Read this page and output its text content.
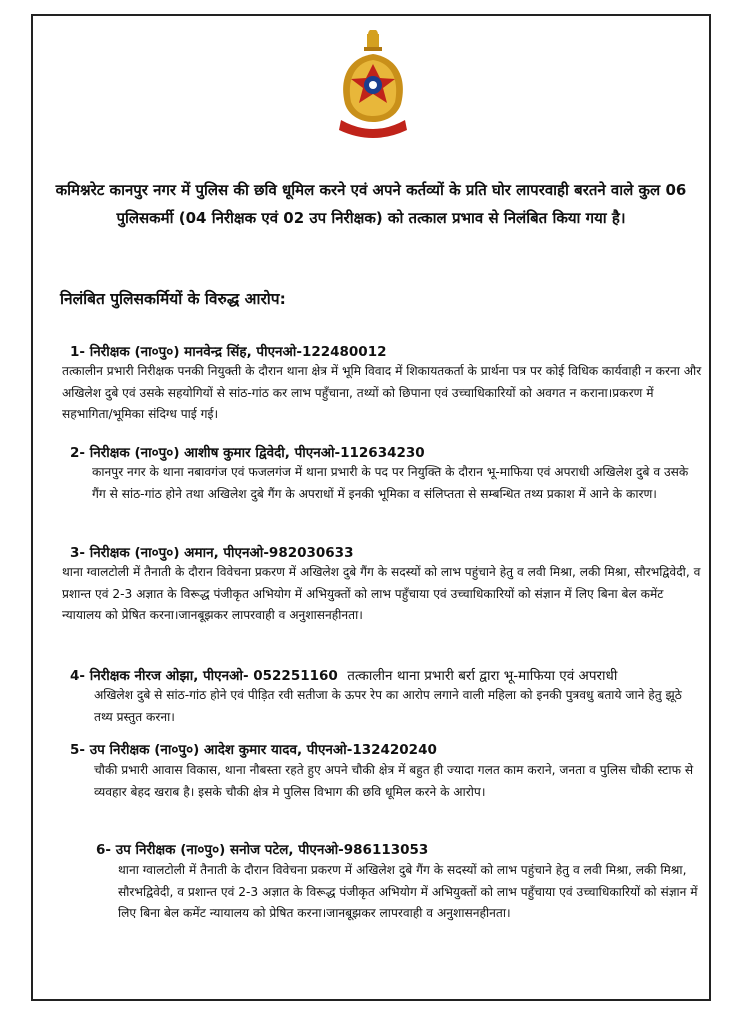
कमिश्नरेट कानपुर नगर में पुलिस की छवि धूमिल करने एवं अपने कर्तव्यों के प्रति घोर लापरवाही बरतने वाले कुल 06 पुलिसकर्मी (04 निरीक्षक एवं 02 उप निरीक्षक) को तत्काल प्रभाव से निलंबित किया गया है।
निलंबित पुलिसकर्मियों के विरुद्ध आरोप:
1- निरीक्षक (ना०पु०) मानवेन्द्र सिंह, पीएनओ-122480012
तत्कालीन प्रभारी निरीक्षक पनकी नियुक्ती के दौरान थाना क्षेत्र में भूमि विवाद में शिकायतकर्ता के प्रार्थना पत्र पर कोई विधिक कार्यवाही न करना और अखिलेश दुबे एवं उसके सहयोगियों से सांठ-गांठ कर लाभ पहुँचाना, तथ्यों को छिपाना एवं उच्चाधिकारियों को अवगत न कराना।प्रकरण में सहभागिता/भूमिका संदिग्ध पाई गई।
2- निरीक्षक (ना०पु०) आशीष कुमार द्विवेदी, पीएनओ-112634230
कानपुर नगर के थाना नबावगंज एवं फजलगंज में थाना प्रभारी के पद पर नियुक्ति के दौरान भू-माफिया एवं अपराधी अखिलेश दुबे व उसके गैंग से सांठ-गांठ होने तथा अखिलेश दुबे गैंग के अपराधों में इनकी भूमिका व संलिप्तता से सम्बन्धित तथ्य प्रकाश में आने के कारण।
3- निरीक्षक (ना०पु०) अमान, पीएनओ-982030633
थाना ग्वालटोली में तैनाती के दौरान विवेचना प्रकरण में अखिलेश दुबे गैंग के सदस्यों को लाभ पहुंचाने हेतु व लवी मिश्रा, लकी मिश्रा, सौरभद्विवेदी, व प्रशान्त एवं 2-3 अज्ञात के विरूद्ध पंजीकृत अभियोग में अभियुक्तों को लाभ पहुँचाया एवं उच्चाधिकारियों को संज्ञान में लिए बिना बेल कमेंट न्यायालय को प्रेषित करना।जानबूझकर लापरवाही व अनुशासनहीनता।
4- निरीक्षक नीरज ओझा, पीएनओ- 052251160 तत्कालीन थाना प्रभारी बर्रा द्वारा भू-माफिया एवं अपराधी
अखिलेश दुबे से सांठ-गांठ होने एवं पीड़ित रवी सतीजा के ऊपर रेप का आरोप लगाने वाली महिला को इनकी पुत्रवधु बताये जाने हेतु झूठे तथ्य प्रस्तुत करना।
5- उप निरीक्षक (ना०पु०) आदेश कुमार यादव, पीएनओ-132420240
चौकी प्रभारी आवास विकास, थाना नौबस्ता रहते हुए अपने चौकी क्षेत्र में बहुत ही ज्यादा गलत काम कराने, जनता व पुलिस चौकी स्टाफ से व्यवहार बेहद खराब है। इसके चौकी क्षेत्र मे पुलिस विभाग की छवि धूमिल करने के आरोप।
6- उप निरीक्षक (ना०पु०) सनोज पटेल, पीएनओ-986113053
थाना ग्वालटोली में तैनाती के दौरान विवेचना प्रकरण में अखिलेश दुबे गैंग के सदस्यों को लाभ पहुंचाने हेतु व लवी मिश्रा, लकी मिश्रा, सौरभद्विवेदी, व प्रशान्त एवं 2-3 अज्ञात के विरूद्ध पंजीकृत अभियोग में अभियुक्तों को लाभ पहुँचाया एवं उच्चाधिकारियों को संज्ञान में लिए बिना बेल कमेंट न्यायालय को प्रेषित करना।जानबूझकर लापरवाही व अनुशासनहीनता।
